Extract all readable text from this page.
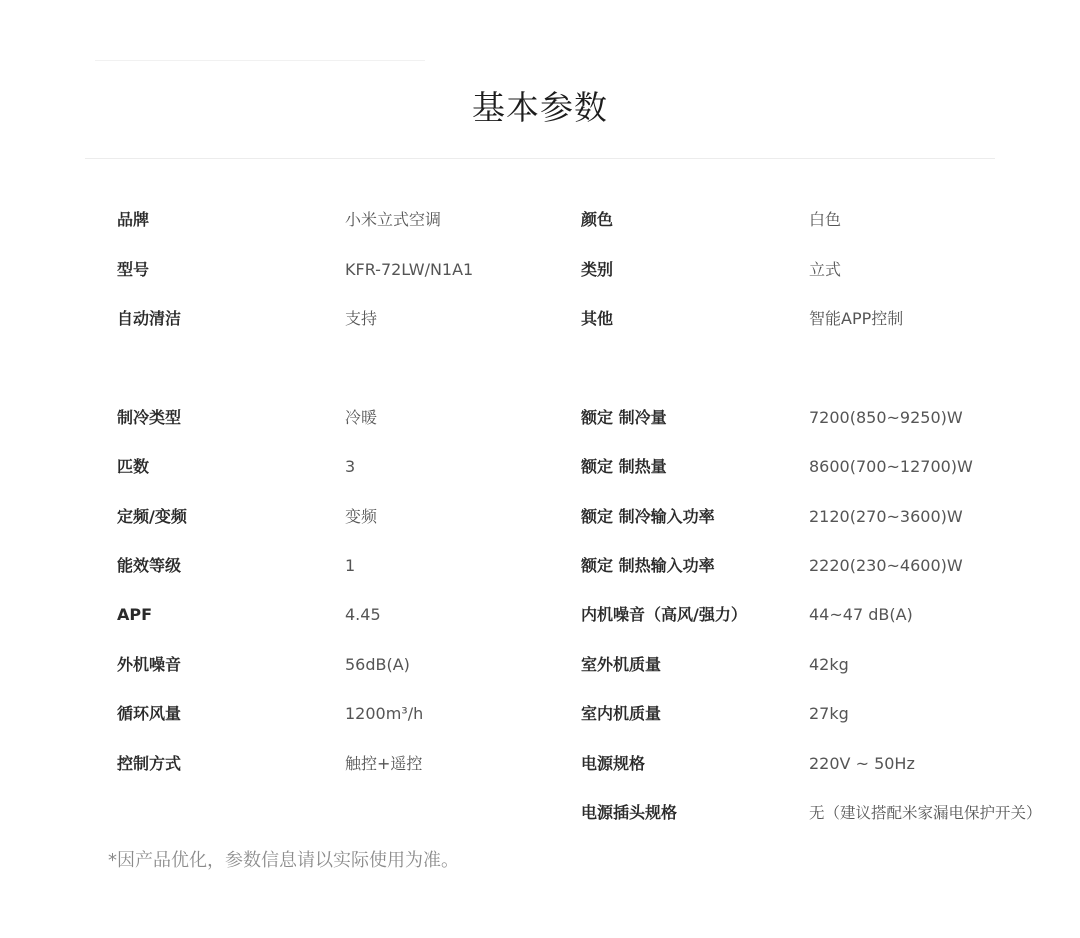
基本参数
品牌	小米立式空调	颜色	白色
型号	KFR-72LW/N1A1	类别	立式
自动清洁	支持	其他	智能APP控制
制冷类型	冷暖	额定 制冷量	7200(850~9250)W
匹数	3	额定 制热量	8600(700~12700)W
定频/变频	变频	额定 制冷输入功率	2120(270~3600)W
能效等级	1	额定 制热输入功率	2220(230~4600)W
APF	4.45	内机噪音（高风/强力）	44~47 dB(A)
外机噪音	56dB(A)	室外机质量	42kg
循环风量	1200m³/h	室内机质量	27kg
控制方式	触控+遥控	电源规格	220V ~ 50Hz
电源插头规格	无（建议搭配米家漏电保护开关）
*因产品优化，参数信息请以实际使用为准。
